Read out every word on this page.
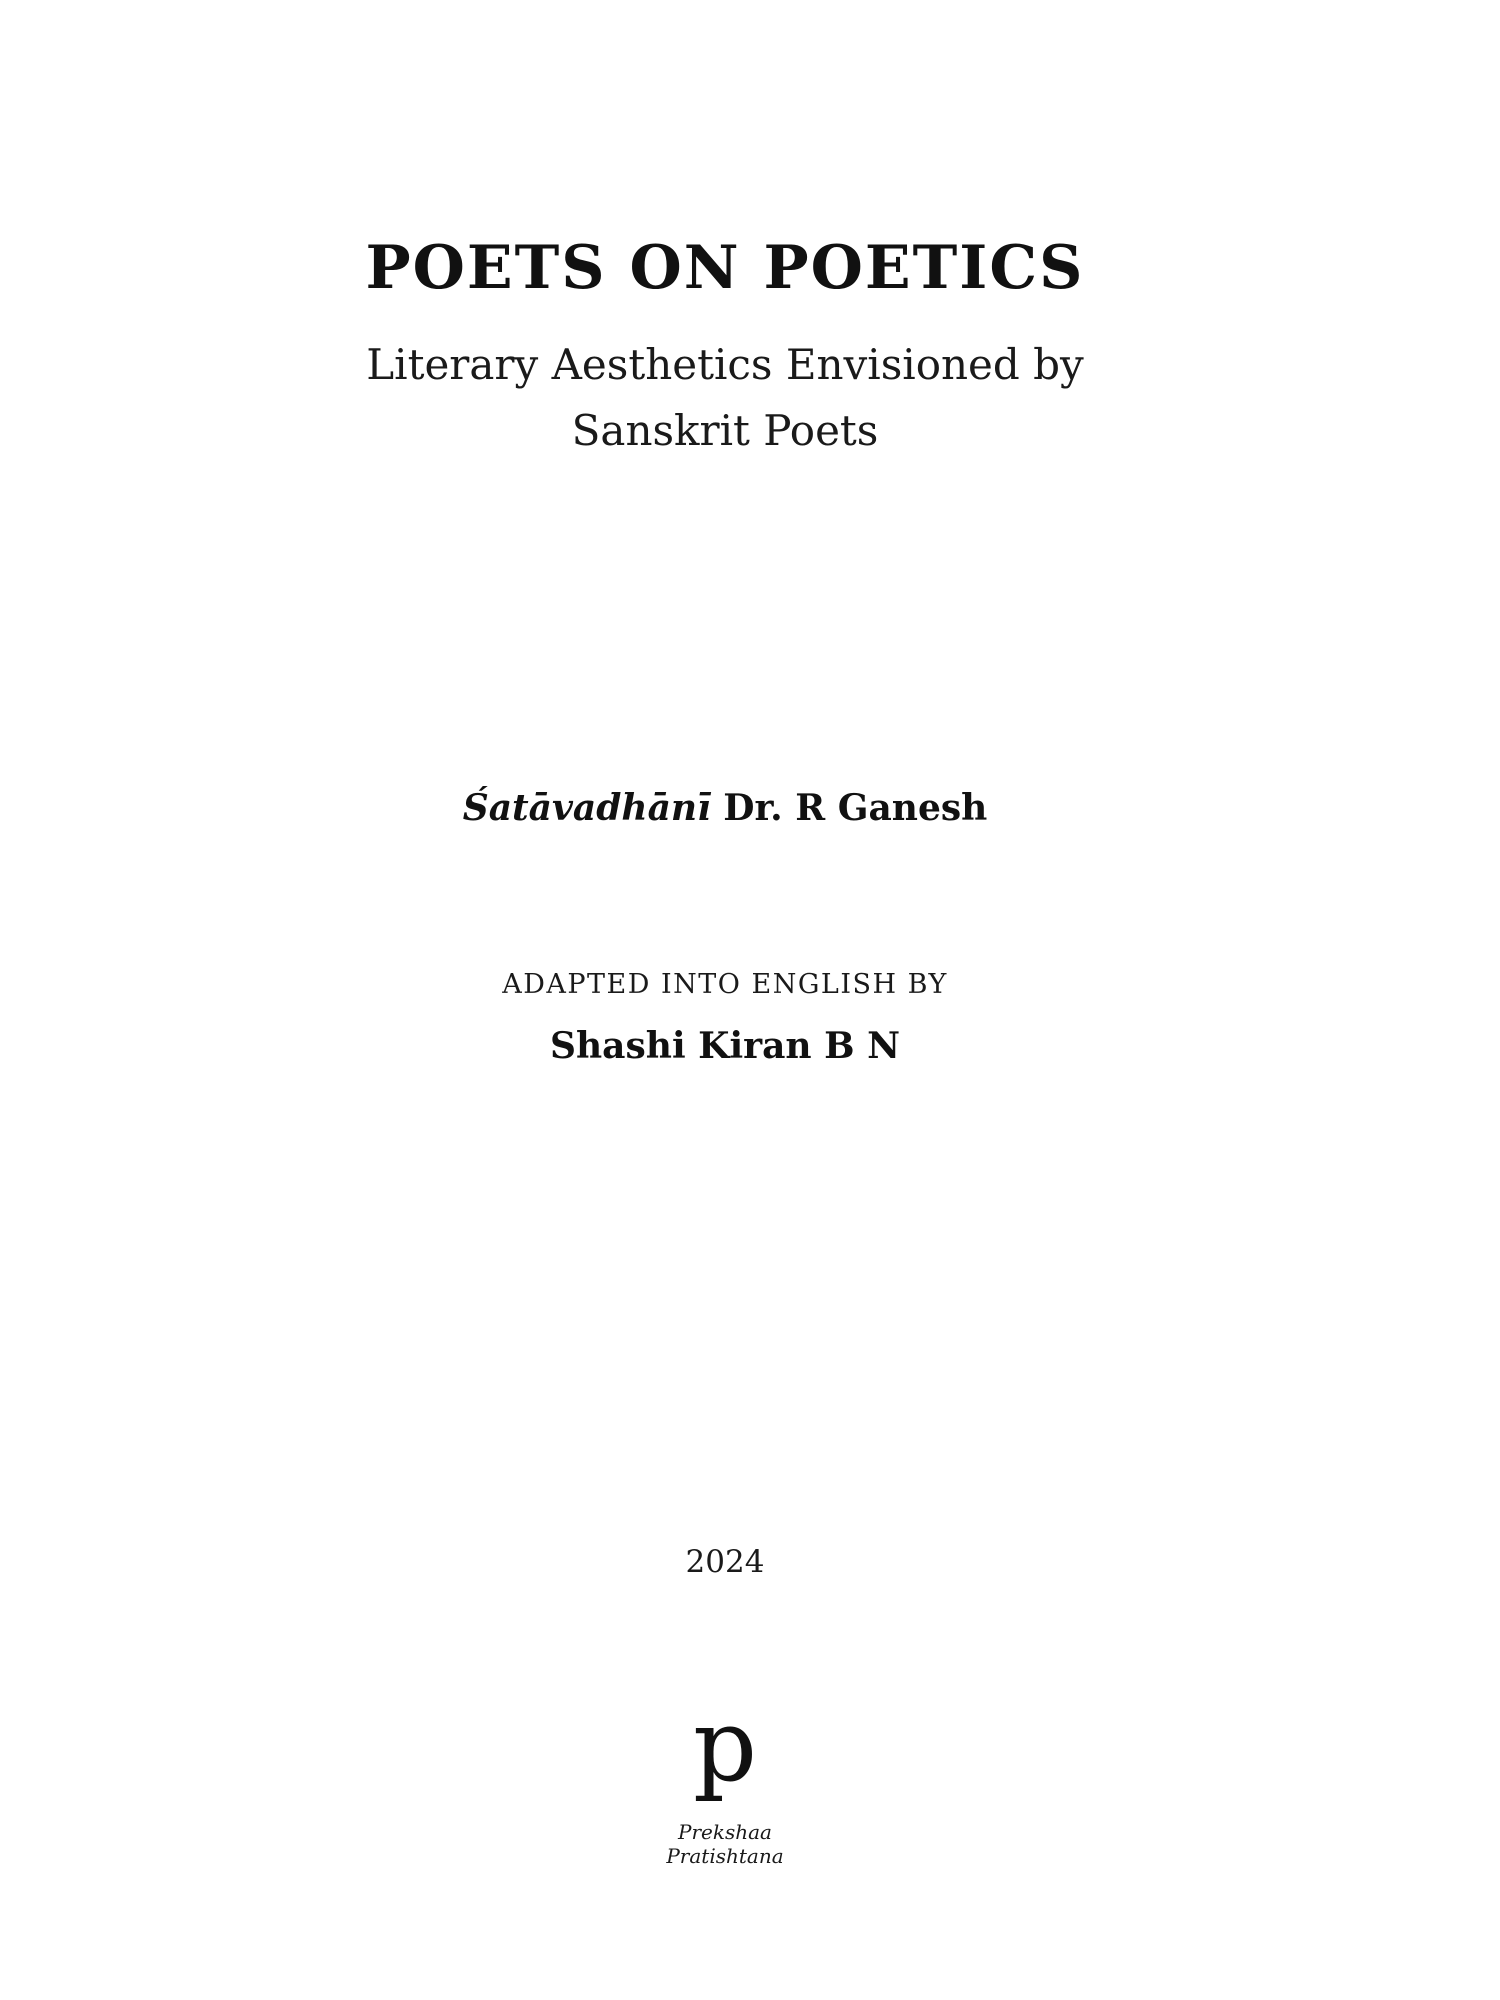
POETS ON POETICS
Literary Aesthetics Envisioned by
Sanskrit Poets
Śatāvadhānī Dr. R Ganesh
ADAPTED INTO ENGLISH BY
Shashi Kiran B N
2024
p
Prekshaa
Pratishtana
